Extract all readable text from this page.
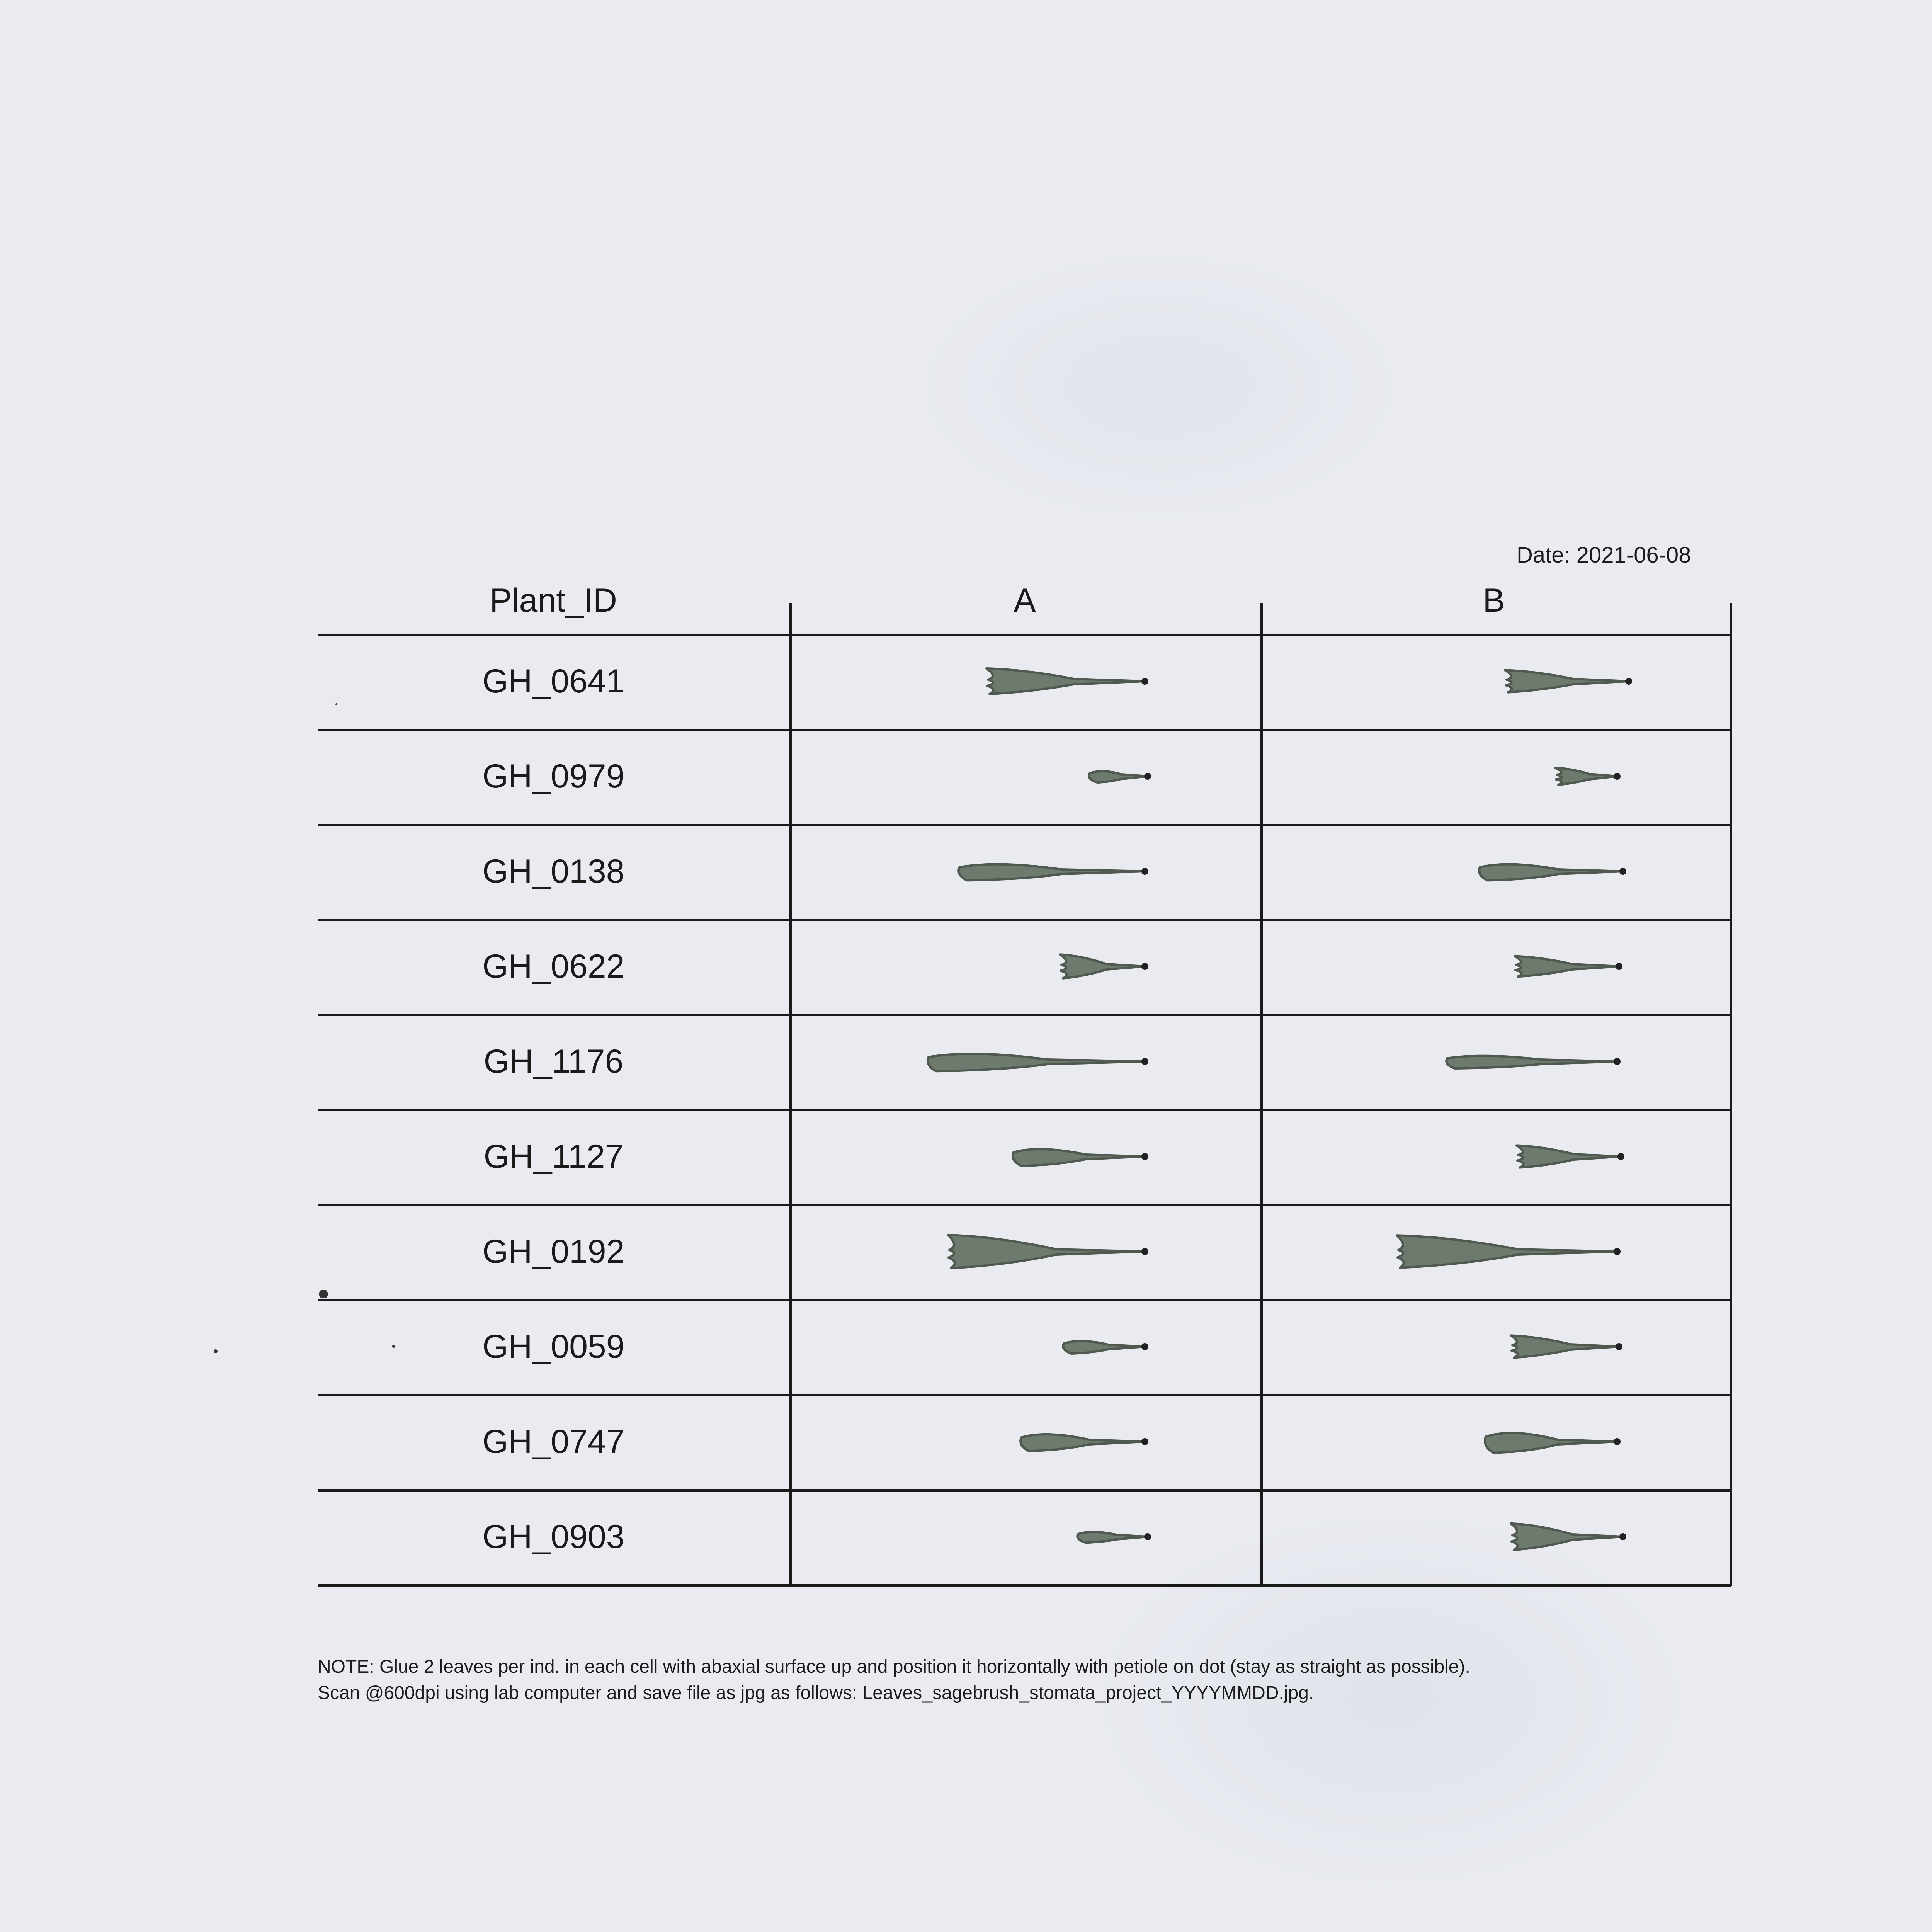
Date: 2021-06-08
Plant_ID	A	B
NOTE: Glue 2 leaves per ind. in each cell with abaxial surface up and position it horizontally with petiole on dot (stay as straight as possible).
Scan @600dpi using lab computer and save file as jpg as follows: Leaves_sagebrush_stomata_project_YYYYMMDD.jpg.
GH_0641
GH_0979
GH_0138
GH_0622
GH_1176
GH_1127
GH_0192
GH_0059
GH_0747
GH_0903
